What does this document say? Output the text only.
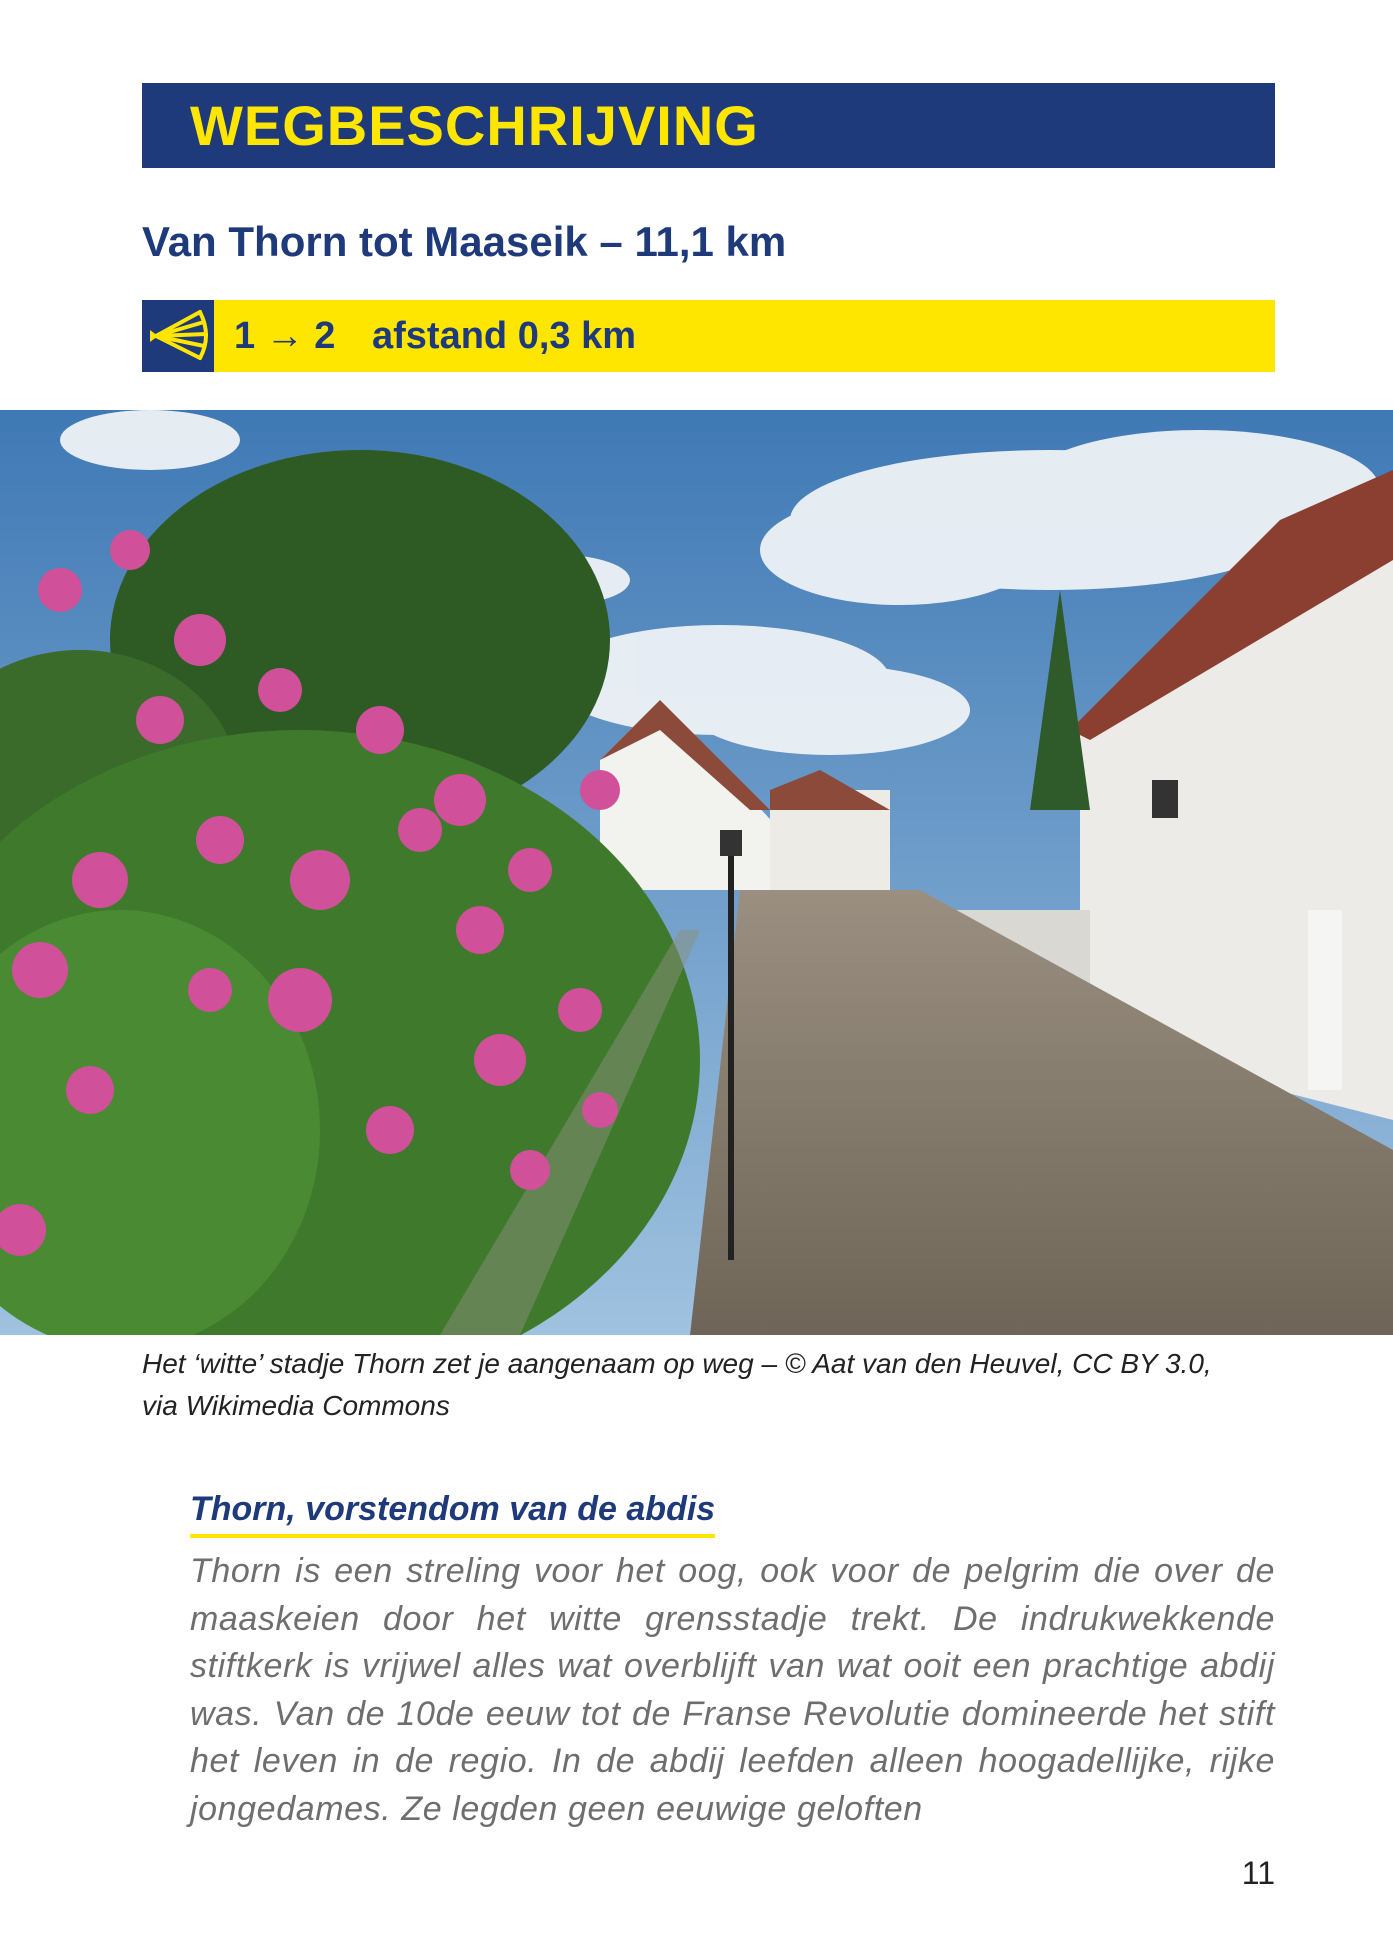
WEGBESCHRIJVING
Van Thorn tot Maaseik – 11,1 km
1 → 2 afstand 0,3 km
Het ‘witte’ stadje Thorn zet je aangenaam op weg – © Aat van den Heuvel, CC BY 3.0, via Wikimedia Commons
Thorn, vorstendom van de abdis

Thorn is een streling voor het oog, ook voor de pelgrim die over de maaskeien door het witte grensstadje trekt. De indrukwekkende stiftkerk is vrijwel alles wat overblijft van wat ooit een prachtige abdij was. Van de 10de eeuw tot de Franse Revolutie domineerde het stift het leven in de regio. In de abdij leefden alleen hoogadellijke, rijke jongedames. Ze legden geen eeuwige geloften

11
